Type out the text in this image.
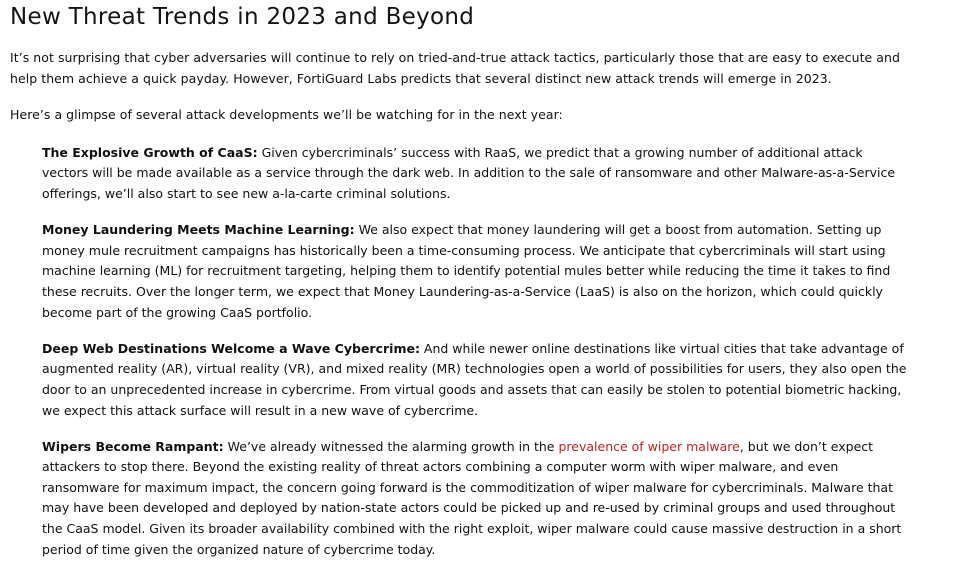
New Threat Trends in 2023 and Beyond

It’s not surprising that cyber adversaries will continue to rely on tried-and-true attack tactics, particularly those that are easy to execute and help them achieve a quick payday. However, FortiGuard Labs predicts that several distinct new attack trends will emerge in 2023.

Here’s a glimpse of several attack developments we’ll be watching for in the next year:

The Explosive Growth of CaaS: Given cybercriminals’ success with RaaS, we predict that a growing number of additional attack vectors will be made available as a service through the dark web. In addition to the sale of ransomware and other Malware-as-a-Service offerings, we’ll also start to see new a-la-carte criminal solutions.
Money Laundering Meets Machine Learning: We also expect that money laundering will get a boost from automation. Setting up money mule recruitment campaigns has historically been a time-consuming process. We anticipate that cybercriminals will start using machine learning (ML) for recruitment targeting, helping them to identify potential mules better while reducing the time it takes to find these recruits. Over the longer term, we expect that Money Laundering-as-a-Service (LaaS) is also on the horizon, which could quickly become part of the growing CaaS portfolio.
Deep Web Destinations Welcome a Wave Cybercrime: And while newer online destinations like virtual cities that take advantage of augmented reality (AR), virtual reality (VR), and mixed reality (MR) technologies open a world of possibilities for users, they also open the door to an unprecedented increase in cybercrime. From virtual goods and assets that can easily be stolen to potential biometric hacking, we expect this attack surface will result in a new wave of cybercrime.
Wipers Become Rampant: We’ve already witnessed the alarming growth in the prevalence of wiper malware, but we don’t expect attackers to stop there. Beyond the existing reality of threat actors combining a computer worm with wiper malware, and even ransomware for maximum impact, the concern going forward is the commoditization of wiper malware for cybercriminals. Malware that may have been developed and deployed by nation-state actors could be picked up and re-used by criminal groups and used throughout the CaaS model. Given its broader availability combined with the right exploit, wiper malware could cause massive destruction in a short period of time given the organized nature of cybercrime today.
